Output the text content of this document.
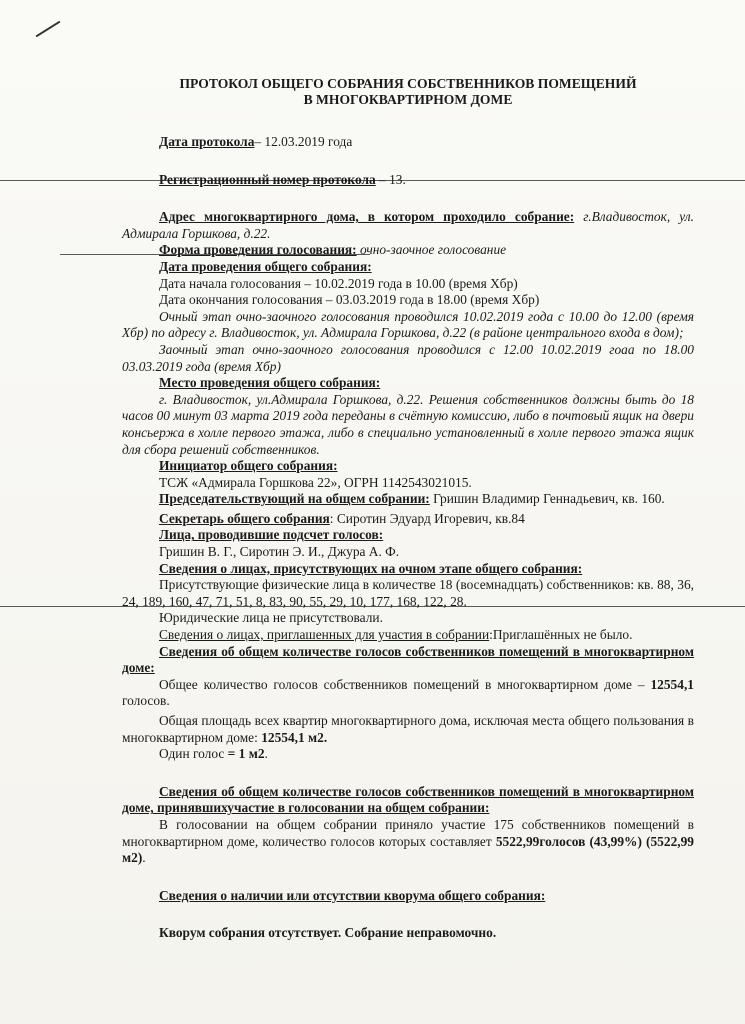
ПРОТОКОЛ ОБЩЕГО СОБРАНИЯ СОБСТВЕННИКОВ ПОМЕЩЕНИЙ
В МНОГОКВАРТИРНОМ ДОМЕ

Дата протокола– 12.03.2019 года

Регистрационный номер протокола – 13.

Адрес многоквартирного дома, в котором проходило собрание: г.Владивосток, ул. Адмирала Горшкова, д.22.

Форма проведения голосования: очно-заочное голосование

Дата проведения общего собрания:

Дата начала голосования – 10.02.2019 года в 10.00 (время Хбр)

Дата окончания голосования – 03.03.2019 года в 18.00 (время Хбр)

Очный этап очно-заочного голосования проводился 10.02.2019 года с 10.00 до 12.00 (время Хбр) по адресу г. Владивосток, ул. Адмирала Горшкова, д.22 (в районе центрального входа в дом);

Заочный этап очно-заочного голосования проводился с 12.00 10.02.2019 гоаа по 18.00 03.03.2019 года (время Хбр)

Место проведения общего собрания:

г. Владивосток, ул.Адмирала Горшкова, д.22. Решения собственников должны быть до 18 часов 00 минут 03 марта 2019 года переданы в счётную комиссию, либо в почтовый ящик на двери консьержа в холле первого этажа, либо в специально установленный в холле первого этажа ящик для сбора решений собственников.

Инициатор общего собрания:

ТСЖ «Адмирала Горшкова 22», ОГРН 1142543021015.

Председательствующий на общем собрании: Гришин Владимир Геннадьевич, кв. 160.

Секретарь общего собрания: Сиротин Эдуард Игоревич, кв.84

Лица, проводившие подсчет голосов:

Гришин В. Г., Сиротин Э. И., Джура А. Ф.

Сведения о лицах, присутствующих на очном этапе общего собрания:

Присутствующие физические лица в количестве 18 (восемнадцать) собственников: кв. 88, 36, 24, 189, 160, 47, 71, 51, 8, 83, 90, 55, 29, 10, 177, 168, 122, 28.

Юридические лица не присутствовали.

Сведения о лицах, приглашенных для участия в собрании:Приглашённых не было.

Сведения об общем количестве голосов собственников помещений в многоквартирном доме:

Общее количество голосов собственников помещений в многоквартирном доме – 12554,1 голосов.

Общая площадь всех квартир многоквартирного дома, исключая места общего пользования в многоквартирном доме: 12554,1 м2.

Один голос = 1 м2.

Сведения об общем количестве голосов собственников помещений в многоквартирном доме, принявшихучастие в голосовании на общем собрании:

В голосовании на общем собрании приняло участие 175 собственников помещений в многоквартирном доме, количество голосов которых составляет 5522,99голосов (43,99%) (5522,99 м2).

Сведения о наличии или отсутствии кворума общего собрания:

Кворум собрания отсутствует. Собрание неправомочно.
